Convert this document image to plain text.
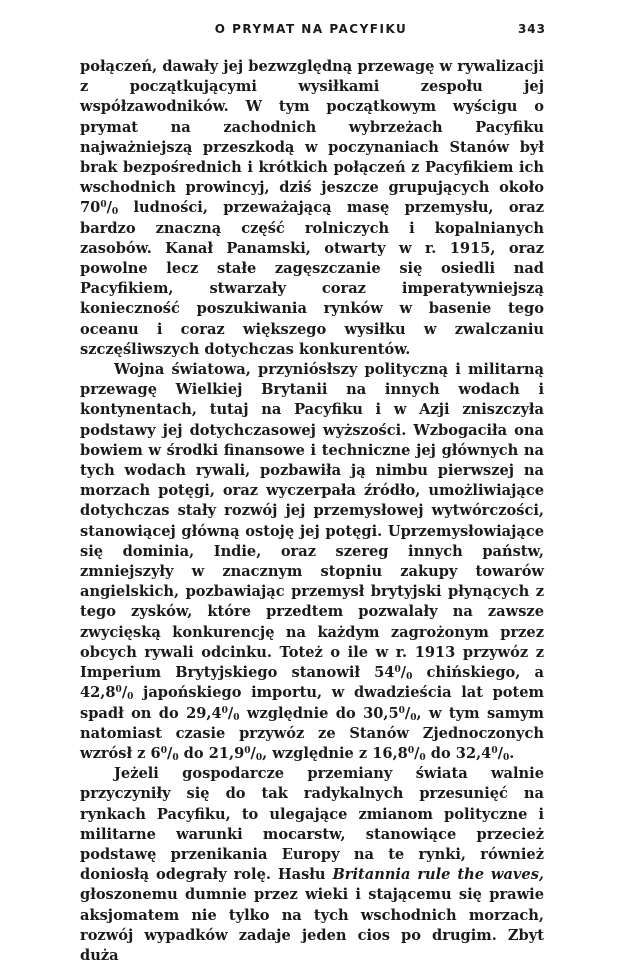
O PRYMAT NA PACYFIKU	343

połączeń, dawały jej bezwzględną przewagę w rywalizacji z początkującymi wysiłkami zespołu jej współzawodników. W tym początkowym wyścigu o prymat na zachodnich wybrzeżach Pacyfiku najważniejszą przeszkodą w poczynaniach Stanów był brak bezpośrednich i krótkich połączeń z Pacyfikiem ich wschodnich prowincyj, dziś jeszcze grupujących około $70^0/_0$ ludności, przeważającą masę przemysłu, oraz bardzo znaczną część rolniczych i kopalnianych zasobów. Kanał Panamski, otwarty w r. 1915, oraz powolne lecz stałe zagęszczanie się osiedli nad Pacyfikiem, stwarzały coraz imperatywniejszą konieczność poszukiwania rynków w basenie tego oceanu i coraz większego wysiłku w zwalczaniu szczęśliwszych dotychczas konkurentów.

Wojna światowa, przyniósłszy polityczną i militarną przewagę Wielkiej Brytanii na innych wodach i kontynentach, tutaj na Pacyfiku i w Azji zniszczyła podstawy jej dotychczasowej wyższości. Wzbogaciła ona bowiem w środki finansowe i techniczne jej głównych na tych wodach rywali, pozbawiła ją nimbu pierwszej na morzach potęgi, oraz wyczerpała źródło, umożliwiające dotychczas stały rozwój jej przemysłowej wytwórczości, stanowiącej główną ostoję jej potęgi. Uprzemysłowiające się dominia, Indie, oraz szereg innych państw, zmniejszyły w znacznym stopniu zakupy towarów angielskich, pozbawiając przemysł brytyjski płynących z tego zysków, które przedtem pozwalały na zawsze zwycięską konkurencję na każdym zagrożonym przez obcych rywali odcinku. Toteż o ile w r. 1913 przywóz z Imperium Brytyjskiego stanowił $54^0/_0$ chińskiego, a $42,8^0/_0$ japońskiego importu, w dwadzieścia lat potem spadł on do $29,4^0/_0$ względnie do $30,5^0/_0$, w tym samym natomiast czasie przywóz ze Stanów Zjednoczonych wzrósł z $6^0/_0$ do $21,9^0/_0$, względnie z $16,8^0/_0$ do $32,4^0/_0$.

Jeżeli gospodarcze przemiany świata walnie przyczyniły się do tak radykalnych przesunięć na rynkach Pacyfiku, to ulegające zmianom polityczne i militarne warunki mocarstw, stanowiące przecież podstawę przenikania Europy na te rynki, również doniosłą odegrały rolę. Hasłu Britannia rule the waves, głoszonemu dumnie przez wieki i stającemu się prawie aksjomatem nie tylko na tych wschodnich morzach, rozwój wypadków zadaje jeden cios po drugim. Zbyt duża
